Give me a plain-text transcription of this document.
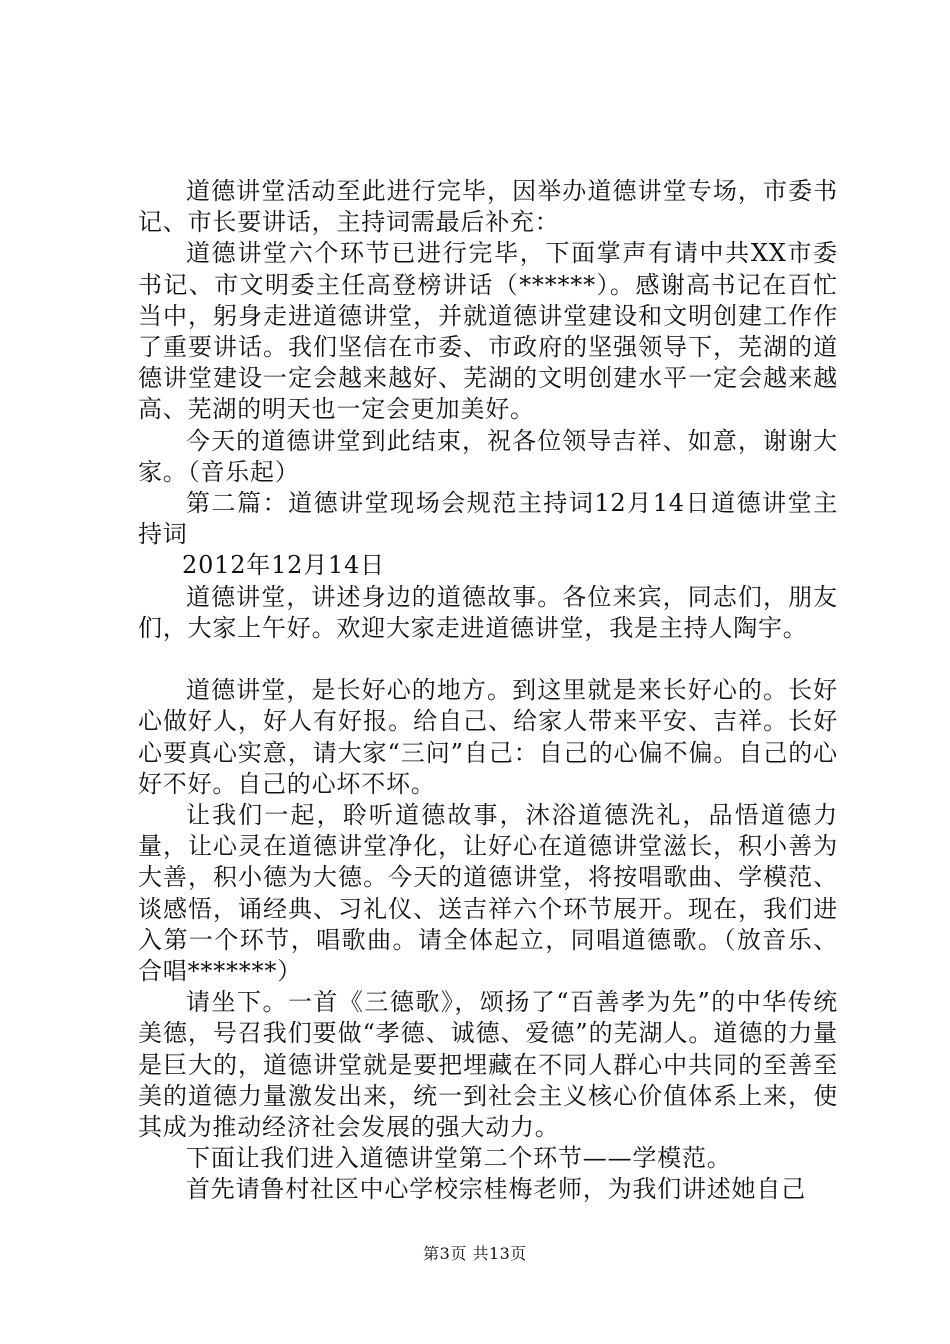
道德讲堂活动至此进行完毕，因举办道德讲堂专场，市委书记、市长要讲话，主持词需最后补充：

道德讲堂六个环节已进行完毕，下面掌声有请中共XX市委书记、市文明委主任高登榜讲话（******）。感谢高书记在百忙当中，躬身走进道德讲堂，并就道德讲堂建设和文明创建工作作了重要讲话。我们坚信在市委、市政府的坚强领导下，芜湖的道德讲堂建设一定会越来越好、芜湖的文明创建水平一定会越来越高、芜湖的明天也一定会更加美好。

今天的道德讲堂到此结束，祝各位领导吉祥、如意，谢谢大家。（音乐起）

第二篇：道德讲堂现场会规范主持词12月14日道德讲堂主持词

2012年12月14日

道德讲堂，讲述身边的道德故事。各位来宾，同志们，朋友们，大家上午好。欢迎大家走进道德讲堂，我是主持人陶宇。

道德讲堂，是长好心的地方。到这里就是来长好心的。长好心做好人，好人有好报。给自己、给家人带来平安、吉祥。长好心要真心实意，请大家“三问”自己：自己的心偏不偏。自己的心好不好。自己的心坏不坏。

让我们一起，聆听道德故事，沐浴道德洗礼，品悟道德力量，让心灵在道德讲堂净化，让好心在道德讲堂滋长，积小善为大善，积小德为大德。今天的道德讲堂，将按唱歌曲、学模范、谈感悟，诵经典、习礼仪、送吉祥六个环节展开。现在，我们进入第一个环节，唱歌曲。请全体起立，同唱道德歌。（放音乐、合唱*******）

请坐下。一首《三德歌》，颂扬了“百善孝为先”的中华传统美德，号召我们要做“孝德、诚德、爱德”的芜湖人。道德的力量是巨大的，道德讲堂就是要把埋藏在不同人群心中共同的至善至美的道德力量激发出来，统一到社会主义核心价值体系上来，使其成为推动经济社会发展的强大动力。

下面让我们进入道德讲堂第二个环节——学模范。

首先请鲁村社区中心学校宗桂梅老师，为我们讲述她自己

第3页 共13页
